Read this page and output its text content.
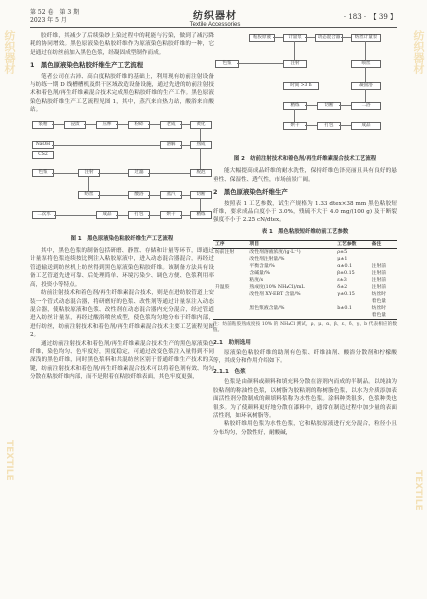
纺织器材	纺织器材
TEXTILE
TEXTILE
第 52 卷　第 3 期
2023 年 5 月	纺织器材
Textile Accessories
· 183 ·　【 39 】

胶纤维，其减少了后续染纱上染过程中的耗能与污染，做到了减污降耗的协同增效。黑色原液染色粘胶纤维作为原液染色粘胶纤维的一种，它是通过在纺丝前加入黑色色浆，经凝固成型制作而成。

1　黑色原液染色粘胶纤维生产工艺流程

笔者公司在古沛、高白度粘胶纤维的基础上，利用现有纺前注射设备与纺练一期 D 线槽槽机及烘干区域改造设备设施，通过先进的纺前注射技术和着色剂/再生纤维素混合技术完成黑色粘胶纤维的生产工作。黑色原液染色粘胶纤维生产工艺流程见图 1，其中，蒸汽来自热力站，酸浴来自酸站。

浆粕	浸渍	压榨	粉碎	老成	黄化
NaOH
CS2
溶解	熟成
色浆	注射	过滤	脱泡
纺丝	酸浴	蒸汽	切断
精练
烘干
打包
成品
二次水
图 1　黑色原液染色粘胶纤维生产工艺流程

其中，黑色色浆的制备包括研磨、静置、存储和计量等环节，即通过计量泵将色浆连续按比例注入粘胶原液中，进入动态混合器混合，再经过管道输送到纺丝机上纺丝得到黑色原液染色粘胶纤维。该制备方法具有设备工艺管道先进可靠、后处理简单、环境污染少、调色方便、色浆利用率高，投资小等特点。

纺前注射技术和着色剂/再生纤维素混合技术，则是在进纺胶管道上安装一个管式动态混合器，将研磨好的色浆、改性剂等通过计量泵注入动态混合器，使粘胶原液和色浆、改性剂在动态混合器内充分混合，经过管道进入纺丝计量泵，再经过酸浴喷丝成型，使色浆均匀地分布于纤维内部，进行纺丝，纺前注射技术和着色剂/再生纤维素混合技术主要工艺流程见图 2。

通过纺前注射技术和着色剂/再生纤维素混合技术生产的黑色原液染色纤维，染色均匀、色牢度好，黑度稳定，可通过改变色浆注入量得到不同深浅的黑色纤维，同时黑色浆料和共混纺丝区别于普通纤维生产技术的关键，纺前注射技术和着色剂/再生纤维素混合技术可以将着色剂有效、均匀分散在粘胶纤维内部，而不是附着在粘胶纤维表面，其色牢度更强，

粘胶原液	计量泵	动态混合器	纺丝计量泵
色浆	注射	喷丝
时间 >3 h	凝固浴
二浴
切断
精练
烘干	打包	成品
图 2　纺前注射技术和着色剂/再生纤维素混合技术工艺流程

能大幅提高成品纤维的耐水洗性，保持纤维色泽亮丽且具有良好的悬垂性、保湿性、透气性，市场前景广阔。

2　黑色原液染色纤维生产

按照表 1 工艺参数，试生产规格为 1.33 dtex×38 mm 黑色粘胶短纤维，要求成品白度小于 3.0%，残硫不大于 4.0 mg/(100 g) 及干断裂强度不小于 2.25 cN/dtex。

表 1　黑色粘胶短纤维纺前工艺参数
工序	项目	工艺参数	备注
纺前注射	改性剂溶液浓度/(g·L⁻¹)	ρ±5	
	改性剂注射量/%	μ±1	
	平衡含量/%	α±0.1	注射前
	含碱量/%	β±0.15	注射前
	粘度/s	ε±3	注射前
升温胶	熟成度(10% NH₄Cl)/mL	δ±2	注射前
	改性剂 XY-EBT 含量/%	γ±0.15	纺丝时
			着色量
	黑色浆液含量/%	b±0.1	纺丝时
			着色量
注：纺前粘胶熟成度按 10% 的 NH₄Cl 测试，ρ、μ、α、β、ε、δ、γ、b 代表相应的数值。
2.1　助剂选用

原液染色粘胶纤维的助剂有色浆、纤维油剂、酸浴分散剂和柠檬酸等，其成分和作用介绍如下。

2.1.1　色浆

色浆是由颜料或颜料和填充料分散在溶剂内而成的半制品。以纯油为胶粘剂的称油性色浆，以树脂为胶粘剂的称树脂色浆，以水为介质添加表面活性剂分散制成的颜填料浆称为水性色浆。涂料种类很多，色浆种类也很多。为了使颜料更好地分散在漆料中，通常在制造过程中加少量的表面活性剂，如环氧树脂等。

粘胶纤维用色浆为水性色浆，它和粘胶原液进行充分混合，粒径小且分布均匀，分散性好，耐酸碱，
